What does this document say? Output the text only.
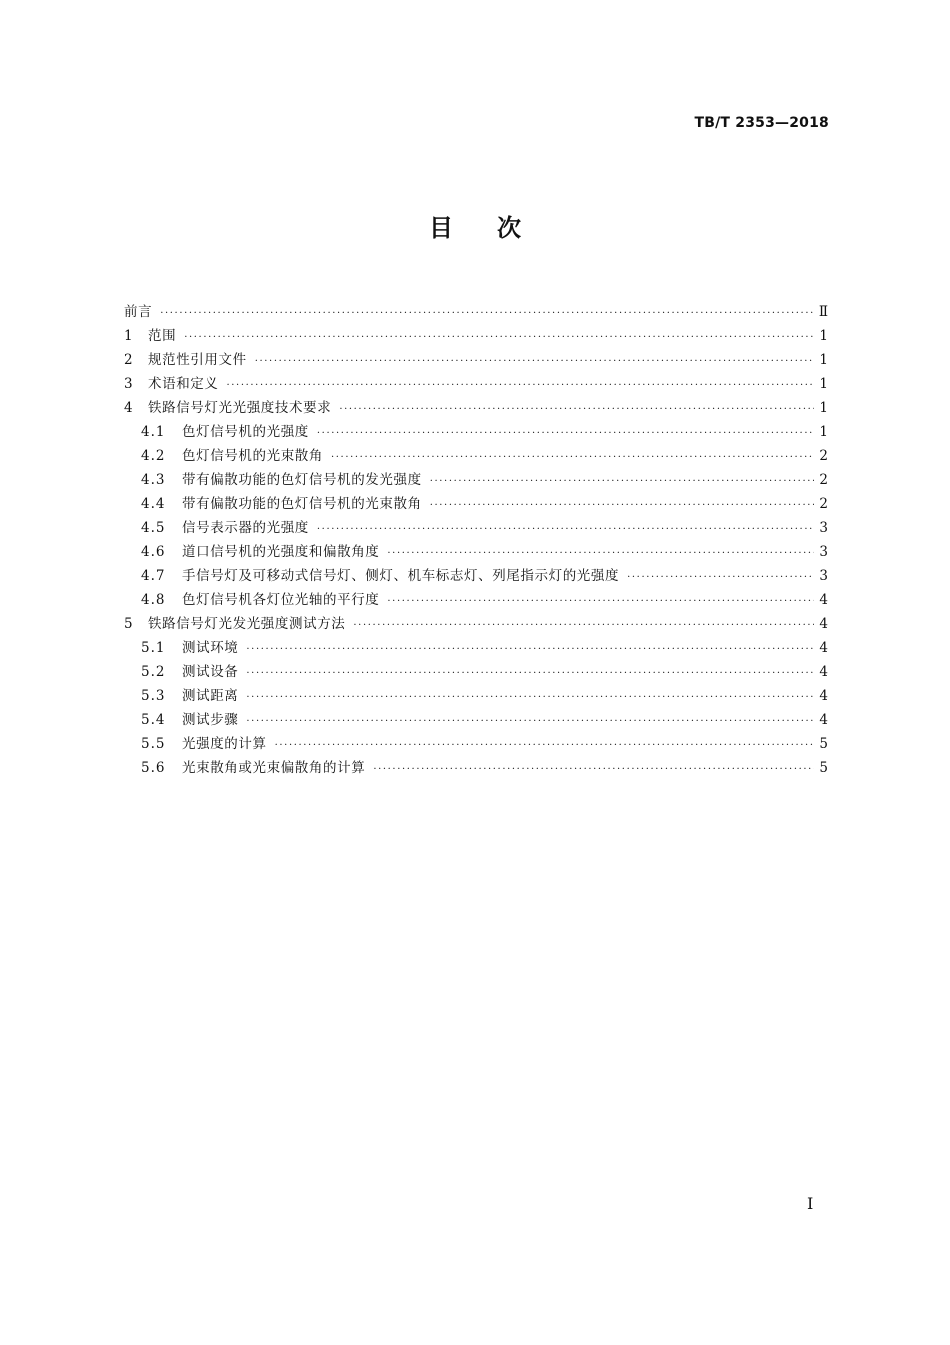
TB/T 2353—2018
目次
前言 ·····	Ⅱ
1	范围 ·····	1
2	规范性引用文件 ·····	1
3	术语和定义 ·····	1
4	铁路信号灯光光强度技术要求 ·····	1
4.1	色灯信号机的光强度 ·····	1
4.2	色灯信号机的光束散角 ·····	2
4.3	带有偏散功能的色灯信号机的发光强度 ·····	2
4.4	带有偏散功能的色灯信号机的光束散角 ·····	2
4.5	信号表示器的光强度 ·····	3
4.6	道口信号机的光强度和偏散角度 ·····	3
4.7	手信号灯及可移动式信号灯、侧灯、机车标志灯、列尾指示灯的光强度 ·····	3
4.8	色灯信号机各灯位光轴的平行度 ·····	4
5	铁路信号灯光发光强度测试方法 ·····	4
5.1	测试环境 ·····	4
5.2	测试设备 ·····	4
5.3	测试距离 ·····	4
5.4	测试步骤 ·····	4
5.5	光强度的计算 ·····	5
5.6	光束散角或光束偏散角的计算 ·····	5
I
